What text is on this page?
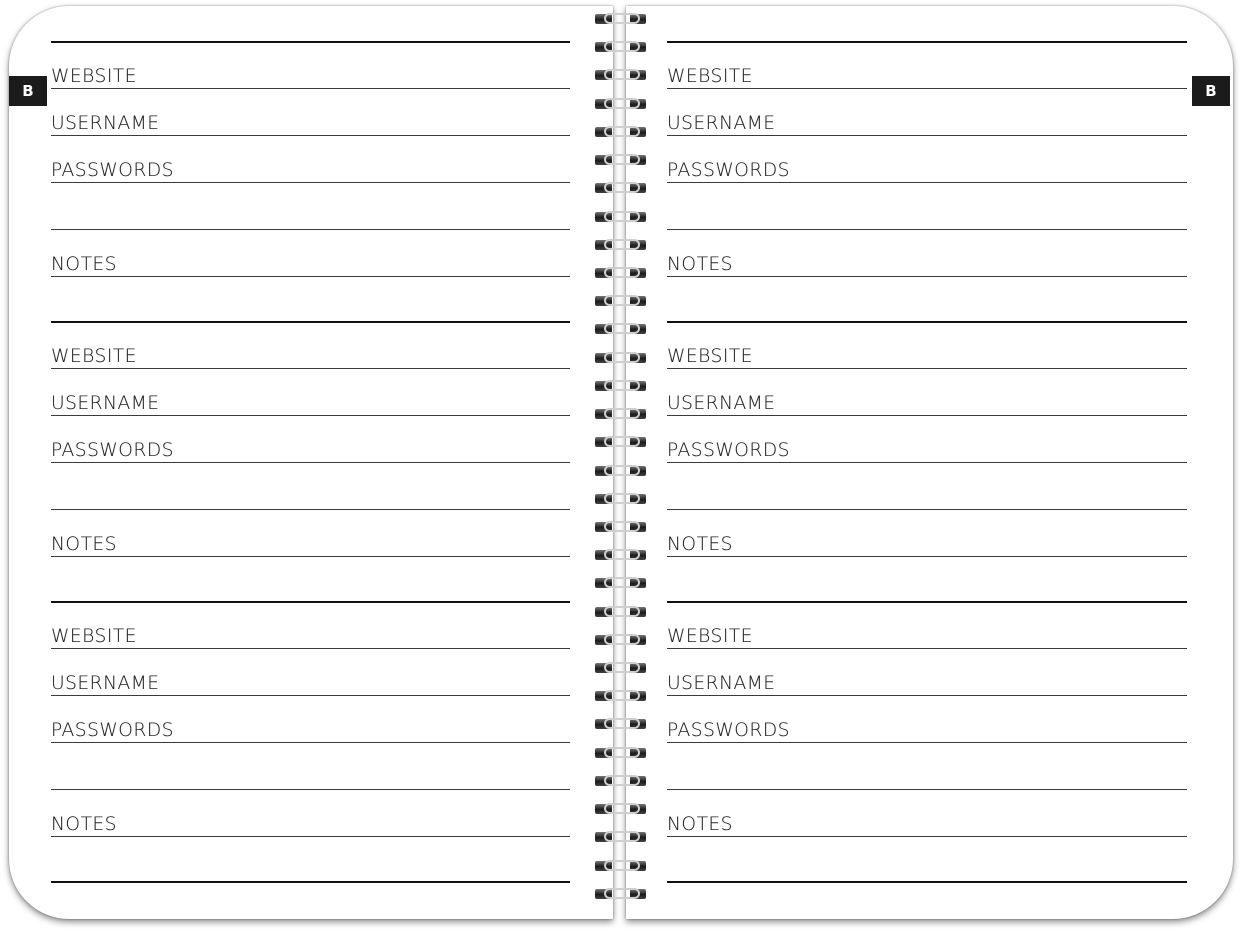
WEBSITE
USERNAME
PASSWORDS
NOTES
WEBSITE
USERNAME
PASSWORDS
NOTES
WEBSITE
USERNAME
PASSWORDS
NOTES
WEBSITE
USERNAME
PASSWORDS
NOTES
WEBSITE
USERNAME
PASSWORDS
NOTES
WEBSITE
USERNAME
PASSWORDS
NOTES
B	B
